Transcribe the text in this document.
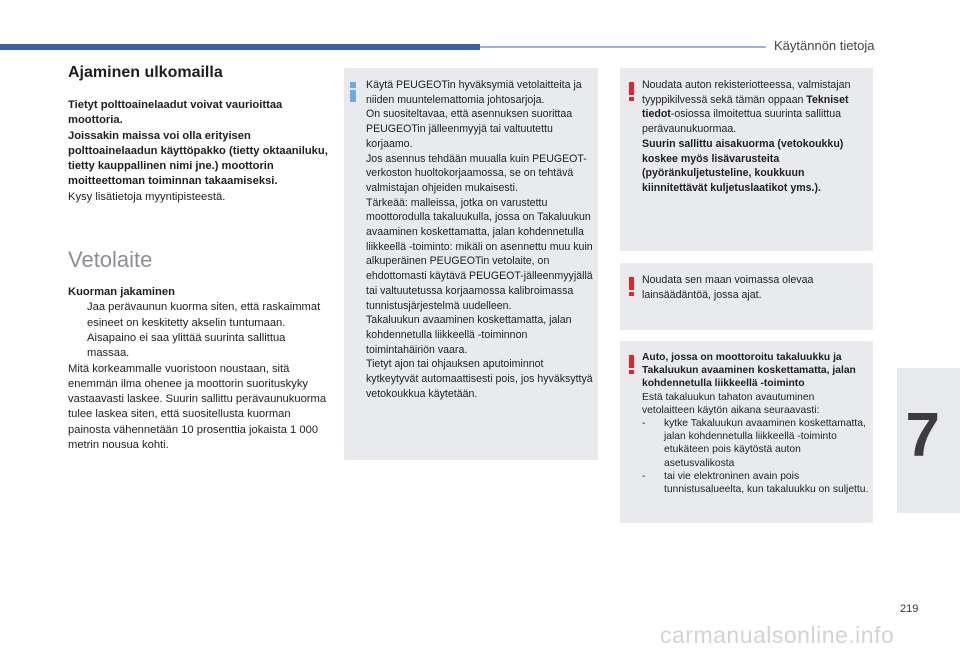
Käytännön tietoja
7
Ajaminen ulkomailla

Tietyt polttoainelaadut voivat vaurioittaa moottoria.
Joissakin maissa voi olla erityisen polttoainelaadun käyttöpakko (tietty oktaaniluku, tietty kauppallinen nimi jne.) moottorin moitteettoman toiminnan takaamiseksi.

Kysy lisätietoja myyntipisteestä.

Vetolaite

Kuorman jakaminen

Jaa perävaunun kuorma siten, että raskaimmat esineet on keskitetty akselin tuntumaan. Aisapaino ei saa ylittää suurinta sallittua massaa.

Mitä korkeammalle vuoristoon noustaan, sitä enemmän ilma ohenee ja moottorin suorituskyky vastaavasti laskee. Suurin sallittu perävaunukuorma tulee laskea siten, että suositellusta kuorman painosta vähennetään 10 prosenttia jokaista 1 000 metrin nousua kohti.

Käytä PEUGEOTin hyväksymiä vetolaitteita ja niiden muuntelemattomia johtosarjoja.
On suositeltavaa, että asennuksen suorittaa PEUGEOTin jälleenmyyjä tai valtuutettu korjaamo.
Jos asennus tehdään muualla kuin PEUGEOT-verkoston huoltokorjaamossa, se on tehtävä valmistajan ohjeiden mukaisesti.
Tärkeää: malleissa, jotka on varustettu moottorodulla takaluukulla, jossa on Takaluukun avaaminen koskettamatta, jalan kohdennetulla liikkeellä -toiminto: mikäli on asennettu muu kuin alkuperäinen PEUGEOTin vetolaite, on ehdottomasti käytävä PEUGEOT-jälleenmyyjällä tai valtuutetussa korjaamossa kalibroimassa tunnistusjärjestelmä uudelleen.
Takaluukun avaaminen koskettamatta, jalan kohdennetulla liikkeellä -toiminnon toimintahäiriön vaara.
Tietyt ajon tai ohjauksen aputoiminnot kytkeytyvät automaattisesti pois, jos hyväksyttyä vetokoukkua käytetään.
Noudata auton rekisteriotteessa, valmistajan tyyppikilvessä sekä tämän oppaan Tekniset tiedot-osiossa ilmoitettua suurinta sallittua perävaunukuormaa.
Suurin sallittu aisakuorma (vetokoukku) koskee myös lisävarusteita (pyöränkuljetusteline, koukkuun kiinnitettävät kuljetuslaatikot yms.).
Noudata sen maan voimassa olevaa lainsäädäntöä, jossa ajat.
Auto, jossa on moottoroitu takaluukku ja Takaluukun avaaminen koskettamatta, jalan kohdennetulla liikkeellä -toiminto
Estä takaluukun tahaton avautuminen vetolaitteen käytön aikana seuraavasti:
-	kytke Takaluukun avaaminen koskettamatta, jalan kohdennetulla liikkeellä -toiminto etukäteen pois käytöstä auton asetusvalikosta
-	tai vie elektroninen avain pois tunnistusalueelta, kun takaluukku on suljettu.
219
carmanualsonline.info
